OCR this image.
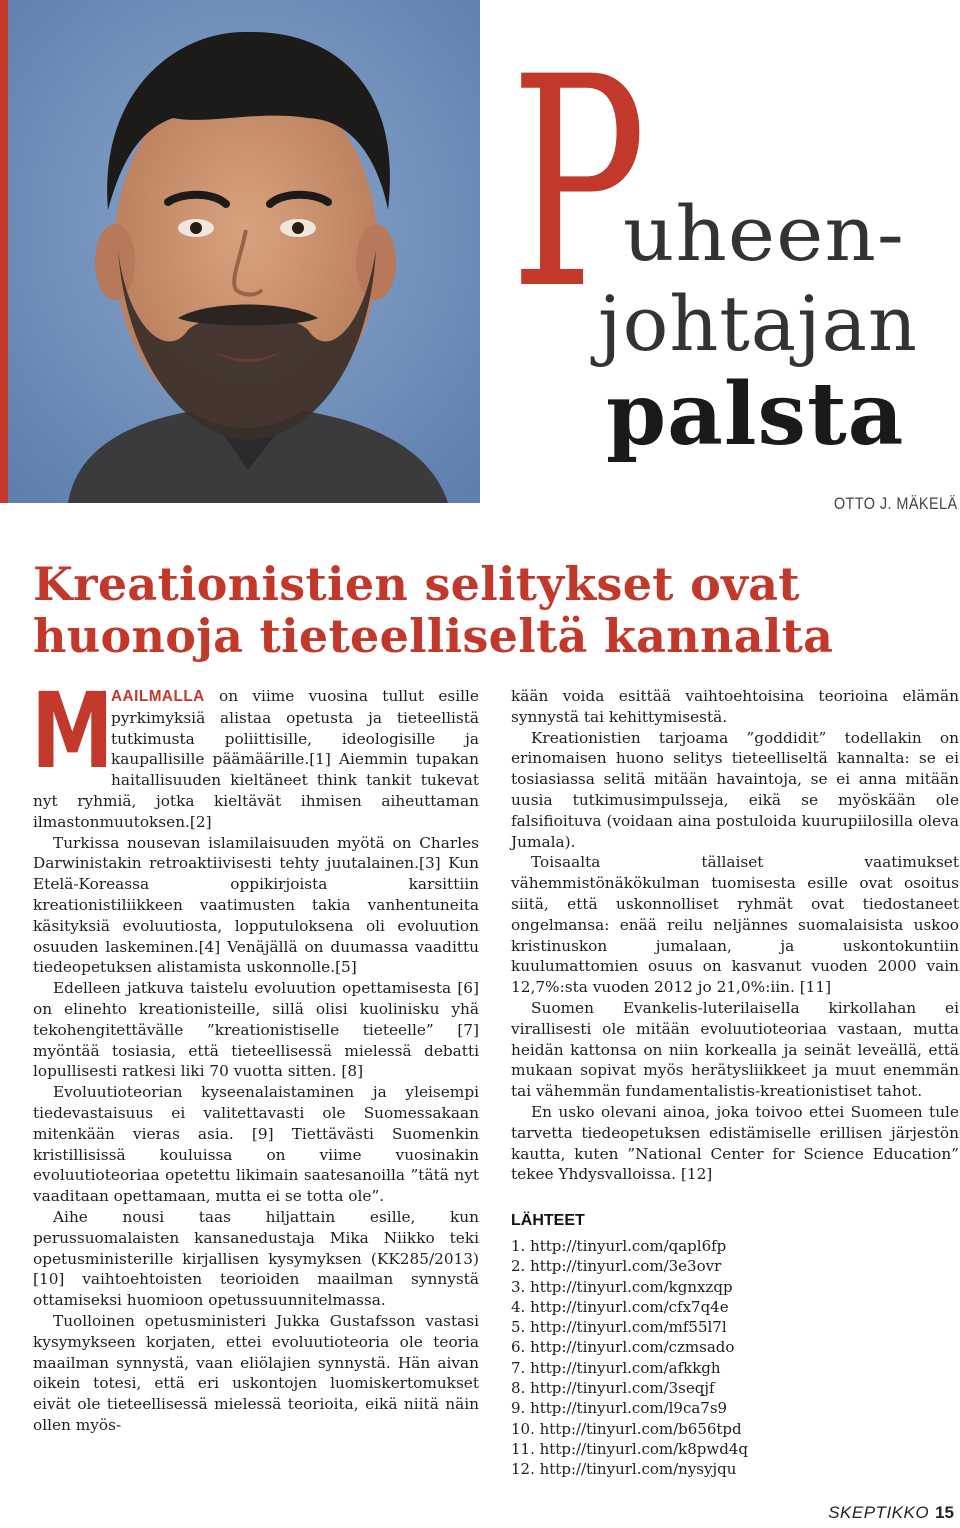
P
uheen-
johtajan
palsta
OTTO J. MÄKELÄ
Kreationistien selitykset ovat huonoja tieteelliseltä kannalta

M
AAILMALLA on viime vuosina tullut esille pyrkimyksiä alistaa opetusta ja tieteellistä tutkimusta poliittisille, ideologisille ja kaupallisille päämäärille.[1] Aiemmin tupakan haitallisuuden kieltäneet think tankit tukevat nyt ryhmiä, jotka kieltävät ihmisen aiheuttaman ilmastonmuutoksen.[2]

Turkissa nousevan islamilaisuuden myötä on Charles Darwinistakin retroaktiivisesti tehty juutalainen.[3] Kun Etelä-Koreassa oppikirjoista karsittiin kreationistiliikkeen vaatimusten takia vanhentuneita käsityksiä evoluutiosta, lopputuloksena oli evoluution osuuden laskeminen.[4] Venäjällä on duumassa vaadittu tiedeopetuksen alistamista uskonnolle.[5]

Edelleen jatkuva taistelu evoluution opettamisesta [6] on elinehto kreationisteille, sillä olisi kuolinisku yhä tekohengitettävälle ”kreationistiselle tieteelle” [7] myöntää tosiasia, että tieteellisessä mielessä debatti lopullisesti ratkesi liki 70 vuotta sitten. [8]

Evoluutioteorian kyseenalaistaminen ja yleisempi tiedevastaisuus ei valitettavasti ole Suomessakaan mitenkään vieras asia. [9] Tiettävästi Suomenkin kristillisissä kouluissa on viime vuosinakin evoluutioteoriaa opetettu likimain saatesanoilla ”tätä nyt vaaditaan opettamaan, mutta ei se totta ole”.

Aihe nousi taas hiljattain esille, kun perussuomalaisten kansanedustaja Mika Niikko teki opetusministerille kirjallisen kysymyksen (KK285/2013) [10] vaihtoehtoisten teorioiden maailman synnystä ottamiseksi huomioon opetussuunnitelmassa.

Tuolloinen opetusministeri Jukka Gustafsson vastasi kysymykseen korjaten, ettei evoluutioteoria ole teoria maailman synnystä, vaan eliölajien synnystä. Hän aivan oikein totesi, että eri uskontojen luomiskertomukset eivät ole tieteellisessä mielessä teorioita, eikä niitä näin ollen myös-

kään voida esittää vaihtoehtoisina teorioina elämän synnystä tai kehittymisestä.

Kreationistien tarjoama ”goddidit” todellakin on erinomaisen huono selitys tieteelliseltä kannalta: se ei tosiasiassa selitä mitään havaintoja, se ei anna mitään uusia tutkimusimpulsseja, eikä se myöskään ole falsifioituva (voidaan aina postuloida kuurupiilosilla oleva Jumala).

Toisaalta tällaiset vaatimukset vähemmistönäkökulman tuomisesta esille ovat osoitus siitä, että uskonnolliset ryhmät ovat tiedostaneet ongelmansa: enää reilu neljännes suomalaisista uskoo kristinuskon jumalaan, ja uskontokuntiin kuulumattomien osuus on kasvanut vuoden 2000 vain 12,7%:sta vuoden 2012 jo 21,0%:iin. [11]

Suomen Evankelis-luterilaisella kirkollahan ei virallisesti ole mitään evoluutioteoriaa vastaan, mutta heidän kattonsa on niin korkealla ja seinät leveällä, että mukaan sopivat myös herätysliikkeet ja muut enemmän tai vähemmän fundamentalistis-kreationistiset tahot.

En usko olevani ainoa, joka toivoo ettei Suomeen tule tarvetta tiedeopetuksen edistämiselle erillisen järjestön kautta, kuten ”National Center for Science Education” tekee Yhdysvalloissa. [12]

LÄHTEET
1. http://tinyurl.com/qapl6fp
2. http://tinyurl.com/3e3ovr
3. http://tinyurl.com/kgnxzqp
4. http://tinyurl.com/cfx7q4e
5. http://tinyurl.com/mf55l7l
6. http://tinyurl.com/czmsado
7. http://tinyurl.com/afkkgh
8. http://tinyurl.com/3seqjf
9. http://tinyurl.com/l9ca7s9
10. http://tinyurl.com/b656tpd
11. http://tinyurl.com/k8pwd4q
12. http://tinyurl.com/nysyjqu
SKEPTIKKO 15
